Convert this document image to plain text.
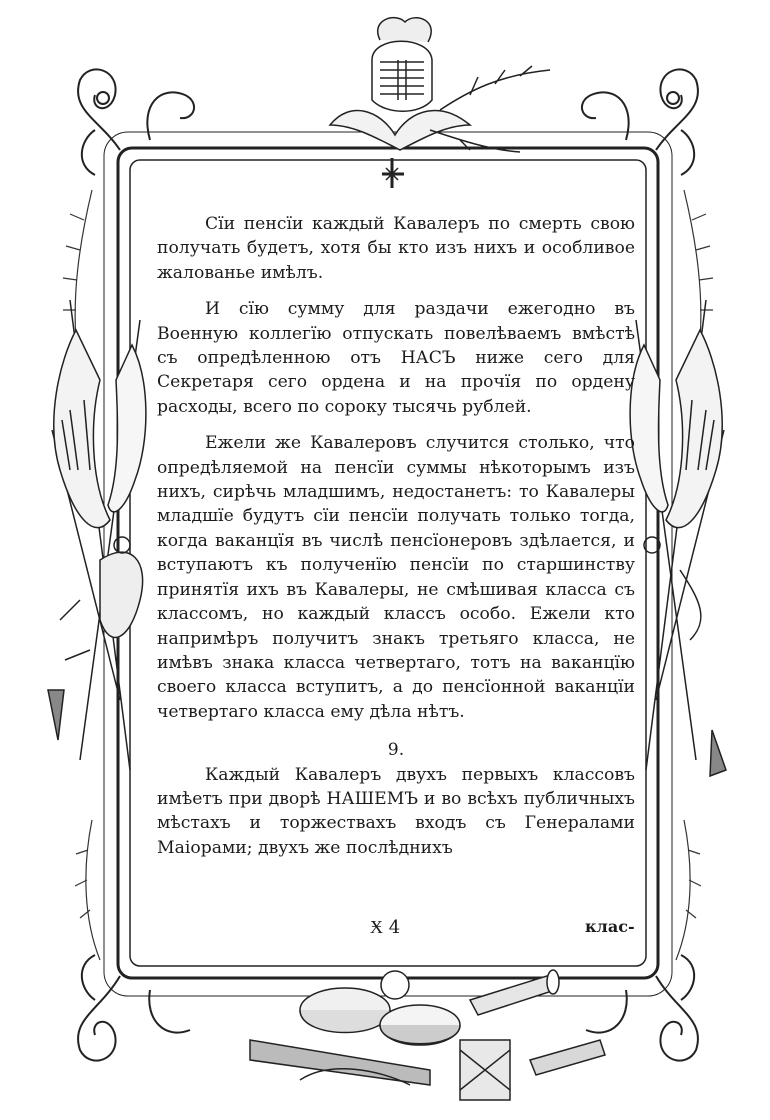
Сїи пенсїи каждый Кавалеръ по смерть свою получать будетъ, хотя бы кто изъ нихъ и особливое жалованье имѣлъ.

И сїю сумму для раздачи ежегодно въ Военную коллегїю отпускать повелѣваемъ вмѣстѣ съ опредѣленною отъ НАСЪ ниже сего для Секретаря сего ордена и на прочїя по ордену расходы, всего по сороку тысячь рублей.

Ежели же Кавалеровъ случится столько, что опредѣляемой на пенсїи суммы нѣкоторымъ изъ нихъ, сирѣчь младшимъ, недостанетъ: то Кавалеры младшїе будутъ сїи пенсїи получать только тогда, когда ваканцїя въ числѣ пенсїонеровъ здѣлается, и вступаютъ къ полученїю пенсїи по старшинству принятїя ихъ въ Кавалеры, не смѣшивая класса съ классомъ, но каждый классъ особо. Ежели кто напримѣръ получитъ знакъ третьяго класса, не имѣвъ знака класса четвертаго, тотъ на ваканцїю своего класса вступитъ, а до пенсїонной ваканцїи четвертаго класса ему дѣла нѣтъ.

9.

Каждый Кавалеръ двухъ первыхъ классовъ имѣетъ при дворѣ НАШЕМЪ и во всѣхъ публичныхъ мѣстахъ и торжествахъ входъ съ Генералами Маiорами; двухъ же послѣднихъ

Ӿ 4	клас-
